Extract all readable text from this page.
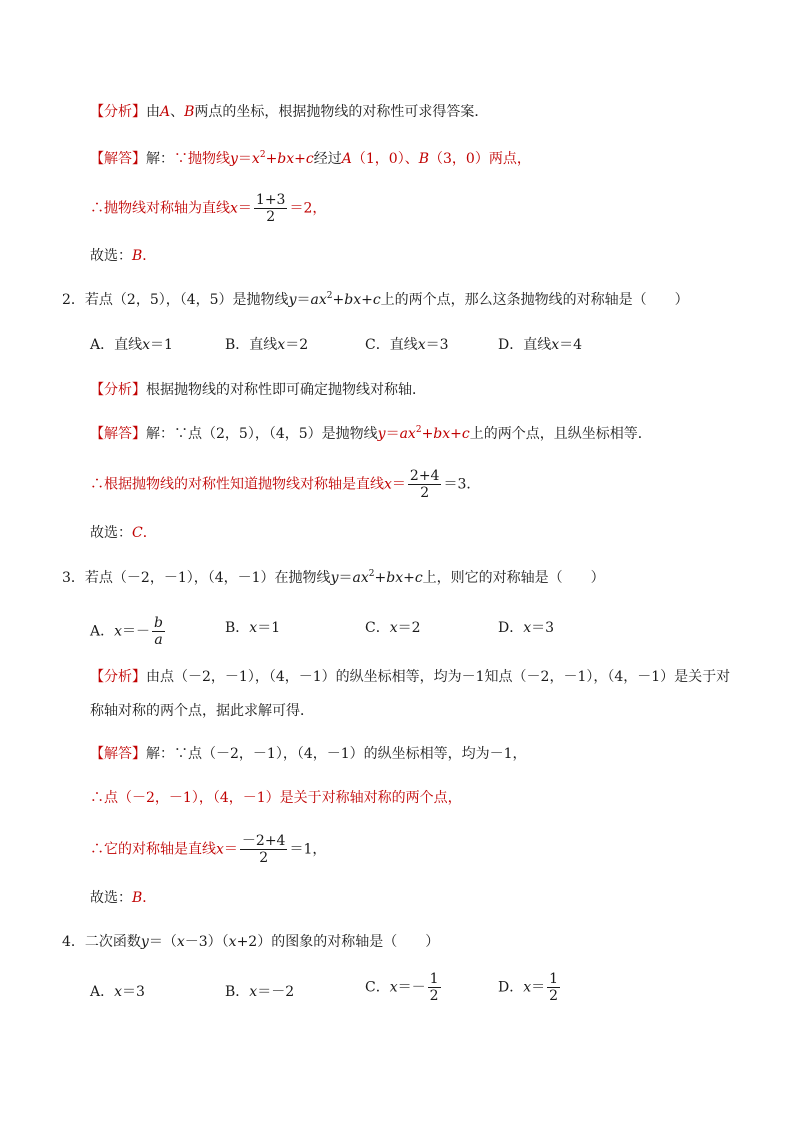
【分析】由A、B两点的坐标，根据抛物线的对称性可求得答案．
【解答】解：∵抛物线$y=x^2+bx+c$经过A（1，0）、B（3，0）两点，
∴抛物线对称轴为直线$x= \frac{1+3}{2} =2$，
故选：B．
2．若点（2，5），（4，5）是抛物线$y=ax^2+bx+c$上的两个点，那么这条抛物线的对称轴是（　　）
A．直线x＝1	B．直线x＝2	C．直线x＝3	D．直线x＝4
【分析】根据抛物线的对称性即可确定抛物线对称轴．
【解答】解：∵点（2，5），（4，5）是抛物线$y=ax^2+bx+c$上的两个点，且纵坐标相等．
∴根据抛物线的对称性知道抛物线对称轴是直线$x= \frac{2+4}{2} =3$．
故选：C．
3．若点（－2，－1），（4，－1）在抛物线$y=ax^2+bx+c$上，则它的对称轴是（　　）
A．$x=- \frac{b}{a}$	B．x＝1	C．x＝2	D．x＝3
【分析】由点（－2，－1），（4，－1）的纵坐标相等，均为－1知点（－2，－1），（4，－1）是关于对
称轴对称的两个点，据此求解可得．
【解答】解：∵点（－2，－1），（4，－1）的纵坐标相等，均为－1，
∴点（－2，－1），（4，－1）是关于对称轴对称的两个点，
∴它的对称轴是直线$x= \frac{-2+4}{2} =1$，
故选：B．
4．二次函数y＝（x－3）（x+2）的图象的对称轴是（　　）
A．x＝3	B．x＝－2	C．$x=- \frac{1}{2}$	D．$x= \frac{1}{2}$
